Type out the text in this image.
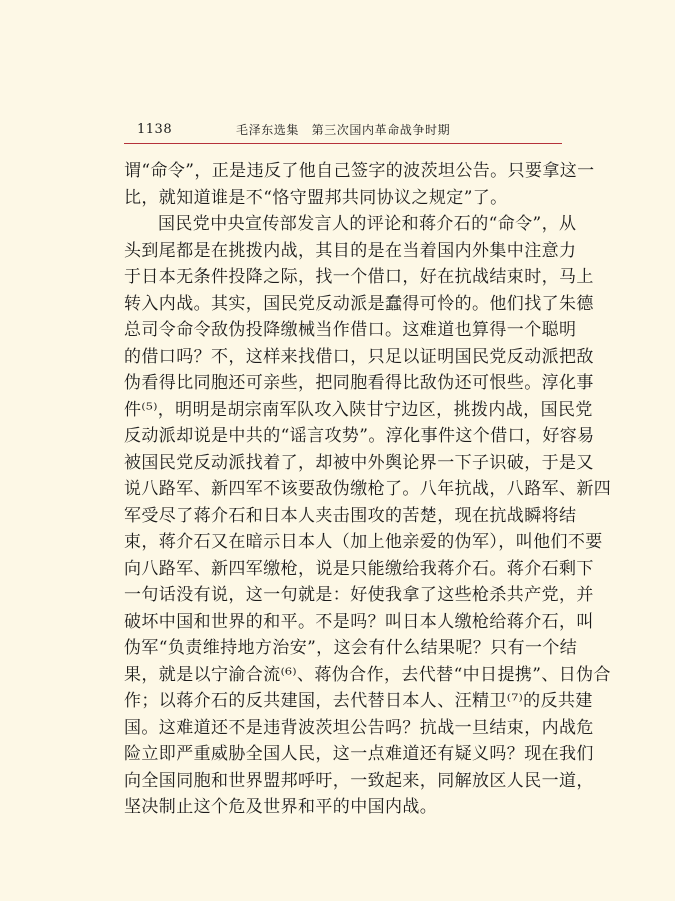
1138	毛泽东选集　第三次国内革命战争时期
谓“命令”，正是违反了他自己签字的波茨坦公告。只要拿这一
比，就知道谁是不“恪守盟邦共同协议之规定”了。
国民党中央宣传部发言人的评论和蒋介石的“命令”，从
头到尾都是在挑拨内战，其目的是在当着国内外集中注意力
于日本无条件投降之际，找一个借口，好在抗战结束时，马上
转入内战。其实，国民党反动派是蠢得可怜的。他们找了朱德
总司令命令敌伪投降缴械当作借口。这难道也算得一个聪明
的借口吗？不，这样来找借口，只足以证明国民党反动派把敌
伪看得比同胞还可亲些，把同胞看得比敌伪还可恨些。淳化事
件⁽⁵⁾，明明是胡宗南军队攻入陕甘宁边区，挑拨内战，国民党
反动派却说是中共的“谣言攻势”。淳化事件这个借口，好容易
被国民党反动派找着了，却被中外舆论界一下子识破，于是又
说八路军、新四军不该要敌伪缴枪了。八年抗战，八路军、新四
军受尽了蒋介石和日本人夹击围攻的苦楚，现在抗战瞬将结
束，蒋介石又在暗示日本人（加上他亲爱的伪军），叫他们不要
向八路军、新四军缴枪，说是只能缴给我蒋介石。蒋介石剩下
一句话没有说，这一句就是：好使我拿了这些枪杀共产党，并
破坏中国和世界的和平。不是吗？叫日本人缴枪给蒋介石，叫
伪军“负责维持地方治安”，这会有什么结果呢？只有一个结
果，就是以宁渝合流⁽⁶⁾、蒋伪合作，去代替“中日提携”、日伪合
作；以蒋介石的反共建国，去代替日本人、汪精卫⁽⁷⁾的反共建
国。这难道还不是违背波茨坦公告吗？抗战一旦结束，内战危
险立即严重威胁全国人民，这一点难道还有疑义吗？现在我们
向全国同胞和世界盟邦呼吁，一致起来，同解放区人民一道，
坚决制止这个危及世界和平的中国内战。
